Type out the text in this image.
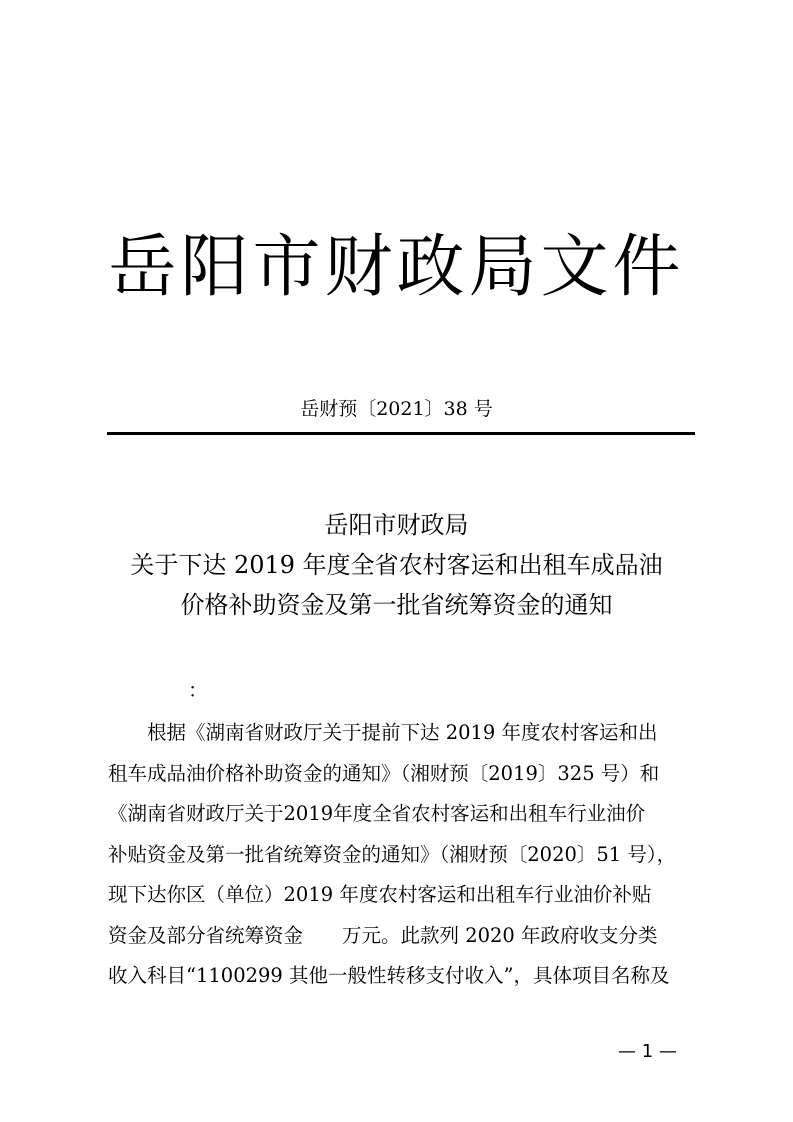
岳阳市财政局文件
岳财预〔2021〕38 号
岳阳市财政局
关于下达 2019 年度全省农村客运和出租车成品油
价格补助资金及第一批省统筹资金的通知
：
　　根据《湖南省财政厅关于提前下达 2019 年度农村客运和出
租车成品油价格补助资金的通知》（湘财预〔2019〕325 号）和
《湖南省财政厅关于2019年度全省农村客运和出租车行业油价
补贴资金及第一批省统筹资金的通知》（湘财预〔2020〕51 号），
现下达你区（单位）2019 年度农村客运和出租车行业油价补贴
资金及部分省统筹资金　　万元。此款列 2020 年政府收支分类
收入科目“1100299 其他一般性转移支付收入”，具体项目名称及
— 1 —
